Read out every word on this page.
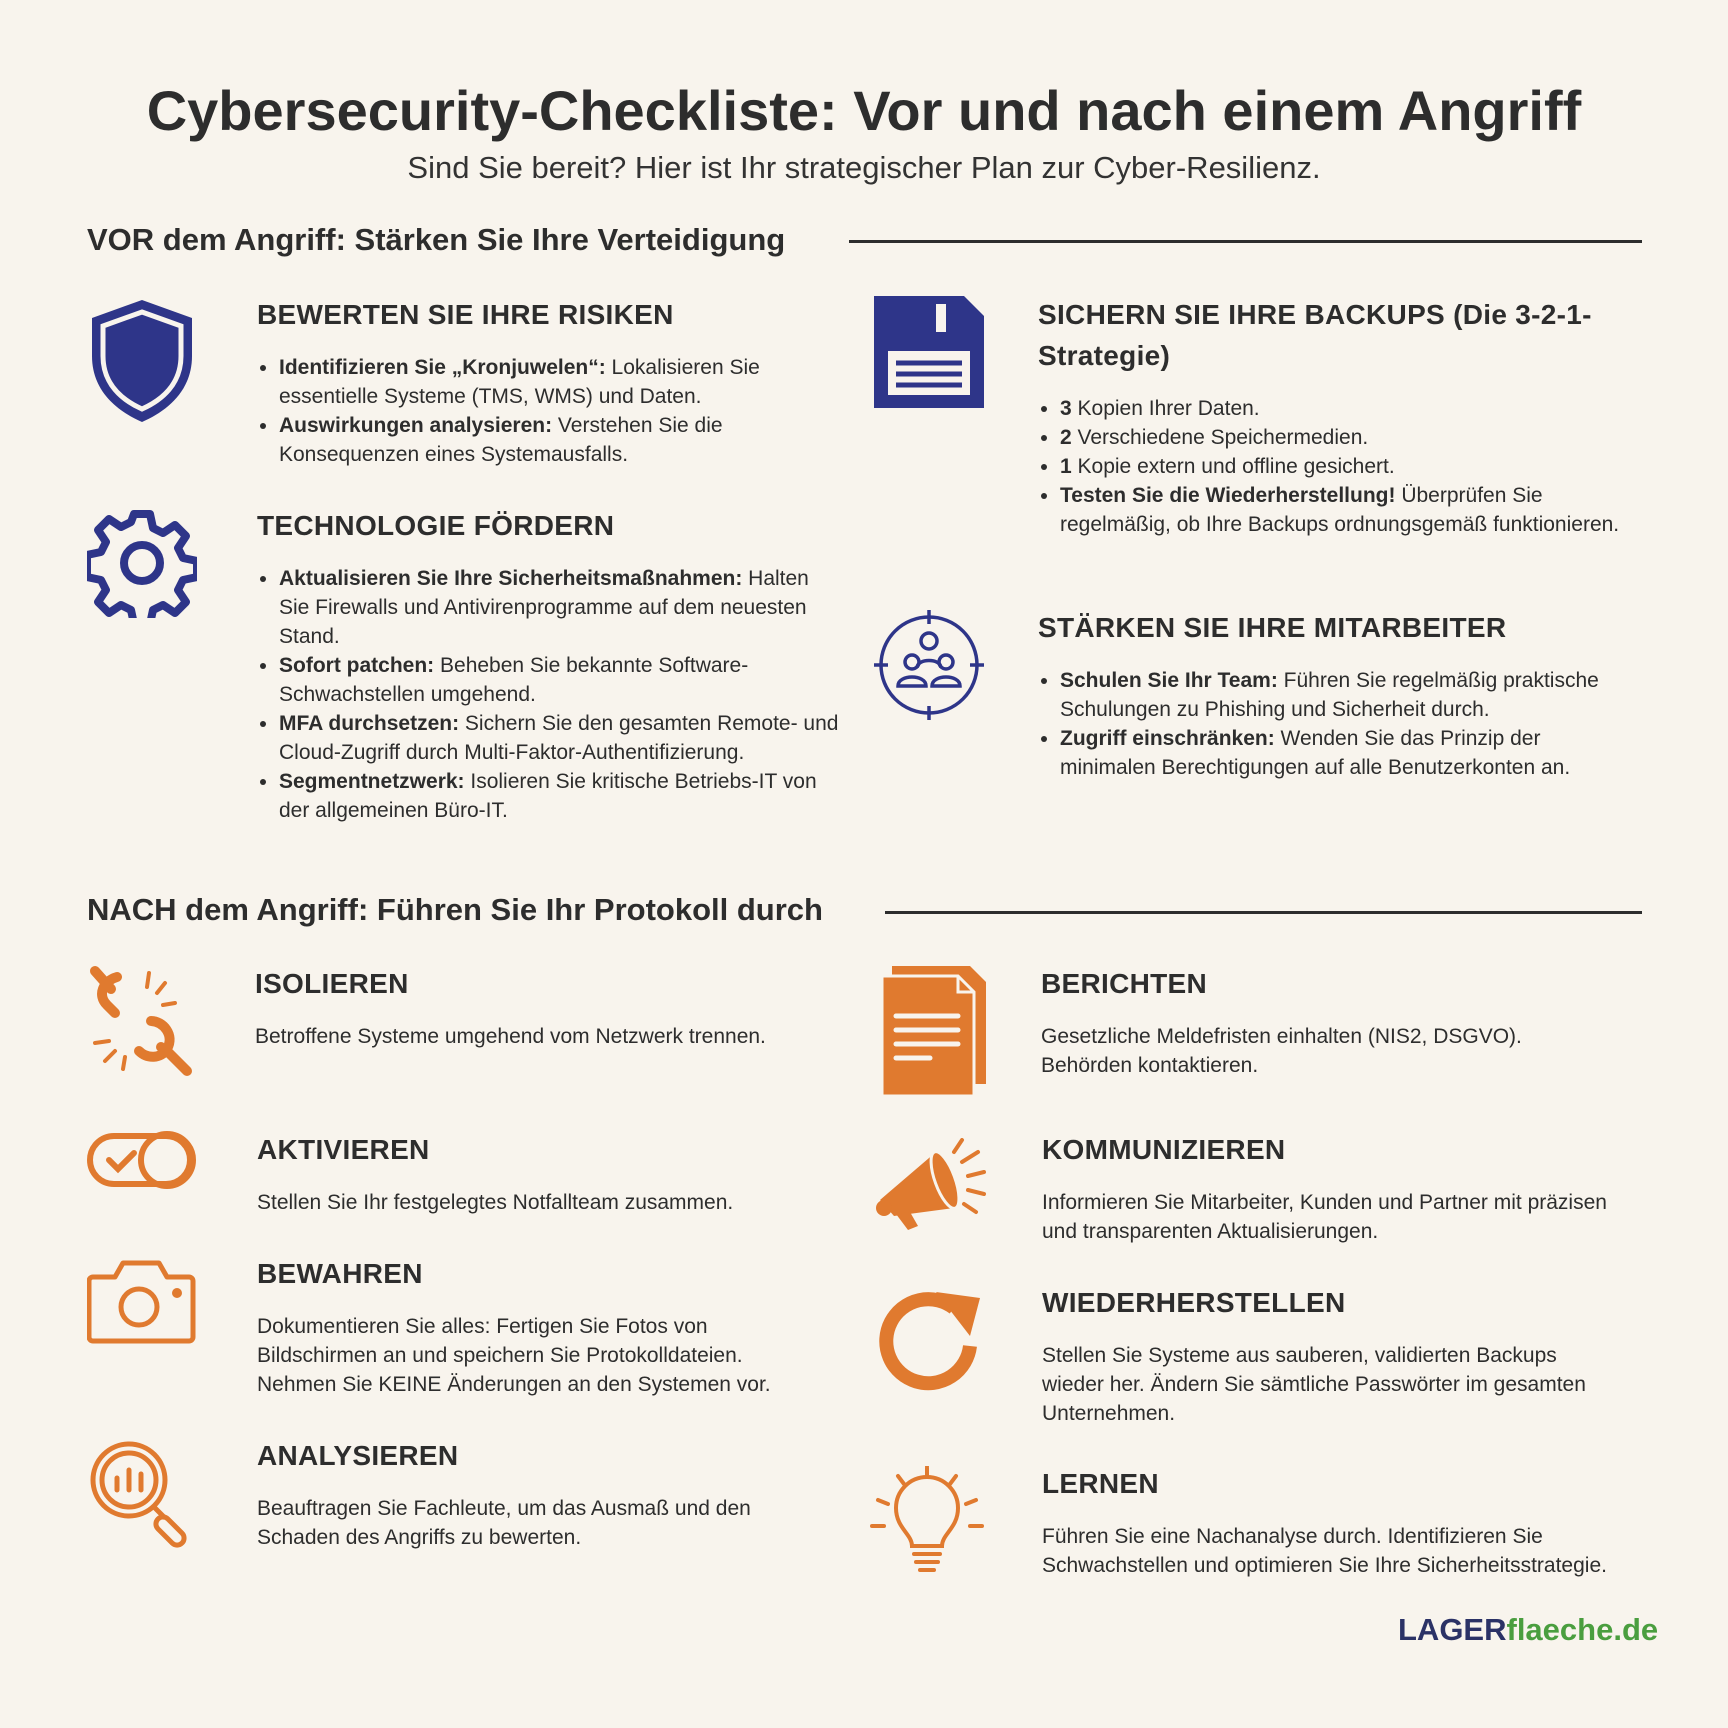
Cybersecurity-Checkliste: Vor und nach einem Angriff
Sind Sie bereit? Hier ist Ihr strategischer Plan zur Cyber-Resilienz.
VOR dem Angriff: Stärken Sie Ihre Verteidigung
BEWERTEN SIE IHRE RISIKEN
• Identifizieren Sie „Kronjuwelen“: Lokalisieren Sie essentielle Systeme (TMS, WMS) und Daten.
• Auswirkungen analysieren: Verstehen Sie die Konsequenzen eines Systemausfalls.
TECHNOLOGIE FÖRDERN
• Aktualisieren Sie Ihre Sicherheitsmaßnahmen: Halten Sie Firewalls und Antivirenprogramme auf dem neuesten Stand.
• Sofort patchen: Beheben Sie bekannte Software-Schwachstellen umgehend.
• MFA durchsetzen: Sichern Sie den gesamten Remote- und Cloud-Zugriff durch Multi-Faktor-Authentifizierung.
• Segmentnetzwerk: Isolieren Sie kritische Betriebs-IT von der allgemeinen Büro-IT.
SICHERN SIE IHRE BACKUPS (Die 3-2-1-Strategie)
• 3 Kopien Ihrer Daten.
• 2 Verschiedene Speichermedien.
• 1 Kopie extern und offline gesichert.
• Testen Sie die Wiederherstellung! Überprüfen Sie regelmäßig, ob Ihre Backups ordnungsgemäß funktionieren.
STÄRKEN SIE IHRE MITARBEITER
• Schulen Sie Ihr Team: Führen Sie regelmäßig praktische Schulungen zu Phishing und Sicherheit durch.
• Zugriff einschränken: Wenden Sie das Prinzip der minimalen Berechtigungen auf alle Benutzerkonten an.
NACH dem Angriff: Führen Sie Ihr Protokoll durch
ISOLIEREN

Betroffene Systeme umgehend vom Netzwerk trennen.

AKTIVIEREN

Stellen Sie Ihr festgelegtes Notfallteam zusammen.

BEWAHREN

Dokumentieren Sie alles: Fertigen Sie Fotos von Bildschirmen an und speichern Sie Protokolldateien. Nehmen Sie KEINE Änderungen an den Systemen vor.

ANALYSIEREN

Beauftragen Sie Fachleute, um das Ausmaß und den Schaden des Angriffs zu bewerten.

BERICHTEN

Gesetzliche Meldefristen einhalten (NIS2, DSGVO). Behörden kontaktieren.

KOMMUNIZIEREN

Informieren Sie Mitarbeiter, Kunden und Partner mit präzisen und transparenten Aktualisierungen.

WIEDERHERSTELLEN

Stellen Sie Systeme aus sauberen, validierten Backups wieder her. Ändern Sie sämtliche Passwörter im gesamten Unternehmen.

LERNEN

Führen Sie eine Nachanalyse durch. Identifizieren Sie Schwachstellen und optimieren Sie Ihre Sicherheitsstrategie.

LAGERflaeche.de
